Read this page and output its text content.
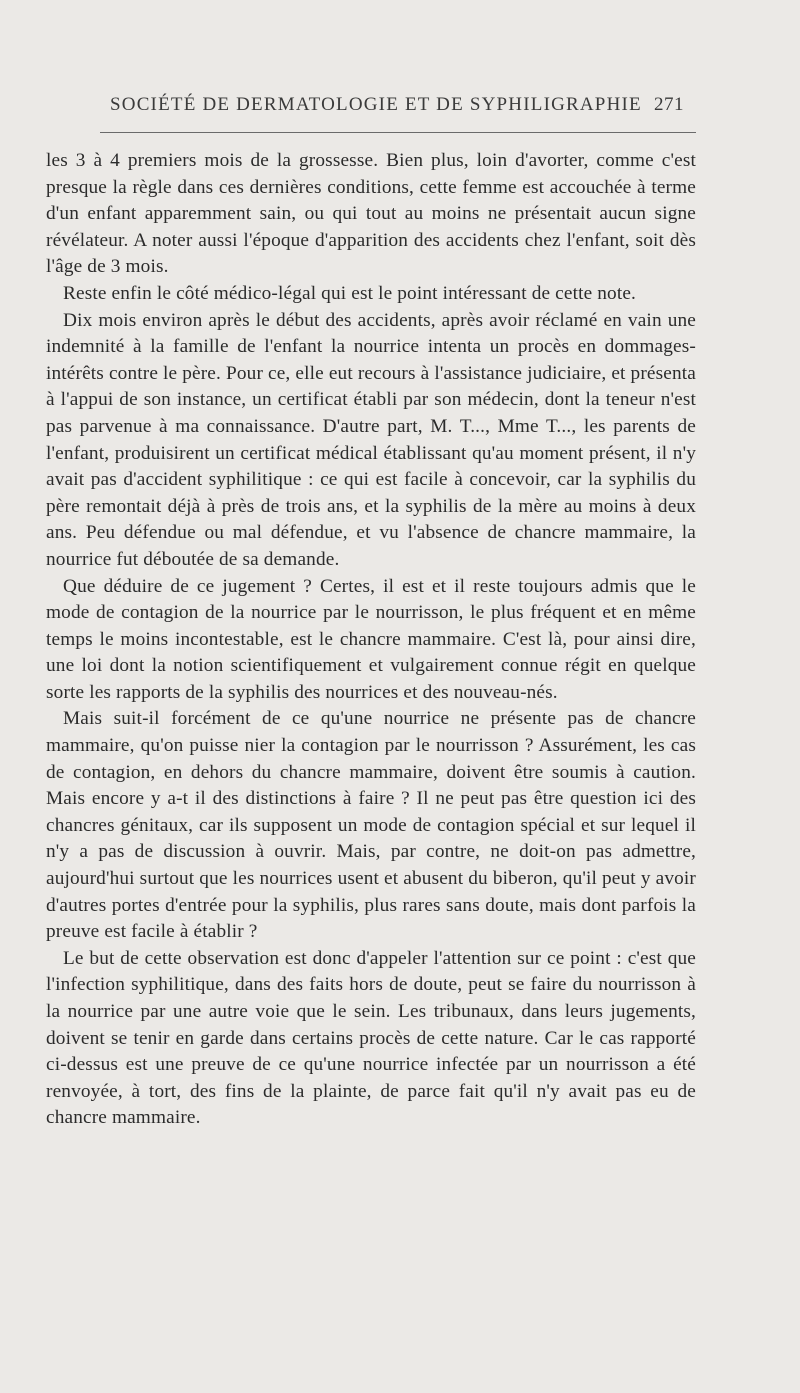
SOCIÉTÉ DE DERMATOLOGIE ET DE SYPHILIGRAPHIE 271

les 3 à 4 premiers mois de la grossesse. Bien plus, loin d'avorter, comme c'est presque la règle dans ces dernières conditions, cette femme est accouchée à terme d'un enfant apparemment sain, ou qui tout au moins ne présentait aucun signe révélateur. A noter aussi l'époque d'apparition des accidents chez l'enfant, soit dès l'âge de 3 mois.

Reste enfin le côté médico-légal qui est le point intéressant de cette note.

Dix mois environ après le début des accidents, après avoir réclamé en vain une indemnité à la famille de l'enfant la nourrice intenta un procès en dommages-intérêts contre le père. Pour ce, elle eut recours à l'assistance judiciaire, et présenta à l'appui de son instance, un certificat établi par son médecin, dont la teneur n'est pas parvenue à ma connaissance. D'autre part, M. T..., Mme T..., les parents de l'enfant, produisirent un certificat médical établissant qu'au moment présent, il n'y avait pas d'accident syphilitique : ce qui est facile à concevoir, car la syphilis du père remontait déjà à près de trois ans, et la syphilis de la mère au moins à deux ans. Peu défendue ou mal défendue, et vu l'absence de chancre mammaire, la nourrice fut déboutée de sa demande.

Que déduire de ce jugement ? Certes, il est et il reste toujours admis que le mode de contagion de la nourrice par le nourrisson, le plus fréquent et en même temps le moins incontestable, est le chancre mammaire. C'est là, pour ainsi dire, une loi dont la notion scientifiquement et vulgairement connue régit en quelque sorte les rapports de la syphilis des nourrices et des nouveau-nés.

Mais suit-il forcément de ce qu'une nourrice ne présente pas de chancre mammaire, qu'on puisse nier la contagion par le nourrisson ? Assurément, les cas de contagion, en dehors du chancre mammaire, doivent être soumis à caution. Mais encore y a-t il des distinctions à faire ? Il ne peut pas être question ici des chancres génitaux, car ils supposent un mode de contagion spécial et sur lequel il n'y a pas de discussion à ouvrir. Mais, par contre, ne doit-on pas admettre, aujourd'hui surtout que les nourrices usent et abusent du biberon, qu'il peut y avoir d'autres portes d'entrée pour la syphilis, plus rares sans doute, mais dont parfois la preuve est facile à établir ?

Le but de cette observation est donc d'appeler l'attention sur ce point : c'est que l'infection syphilitique, dans des faits hors de doute, peut se faire du nourrisson à la nourrice par une autre voie que le sein. Les tribunaux, dans leurs jugements, doivent se tenir en garde dans certains procès de cette nature. Car le cas rapporté ci-dessus est une preuve de ce qu'une nourrice infectée par un nourrisson a été renvoyée, à tort, des fins de la plainte, de parce fait qu'il n'y avait pas eu de chancre mammaire.
